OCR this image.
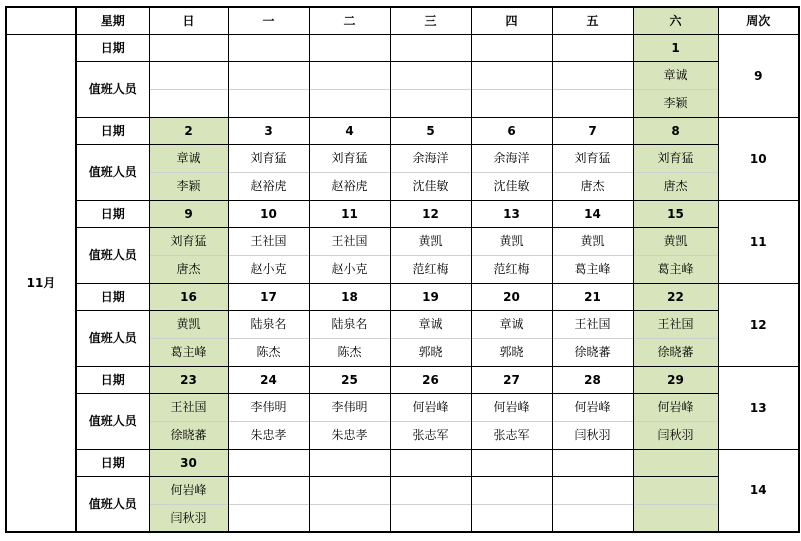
	星期	日	一	二	三	四	五	六	周次
11月	日期							1	9
	值班人员							章诚	
								李颖	
	日期	2	3	4	5	6	7	8	10
	值班人员	章诚	刘育猛	刘育猛	余海洋	余海洋	刘育猛	刘育猛	
		李颖	赵裕虎	赵裕虎	沈佳敏	沈佳敏	唐杰	唐杰	
	日期	9	10	11	12	13	14	15	11
	值班人员	刘育猛	王社国	王社国	黄凯	黄凯	黄凯	黄凯	
		唐杰	赵小克	赵小克	范红梅	范红梅	葛主峰	葛主峰	
	日期	16	17	18	19	20	21	22	12
	值班人员	黄凯	陆泉名	陆泉名	章诚	章诚	王社国	王社国	
		葛主峰	陈杰	陈杰	郭晓	郭晓	徐晓蕃	徐晓蕃	
	日期	23	24	25	26	27	28	29	13
	值班人员	王社国	李伟明	李伟明	何岩峰	何岩峰	何岩峰	何岩峰	
		徐晓蕃	朱忠孝	朱忠孝	张志军	张志军	闫秋羽	闫秋羽	
	日期	30							14
	值班人员	何岩峰							
		闫秋羽							
